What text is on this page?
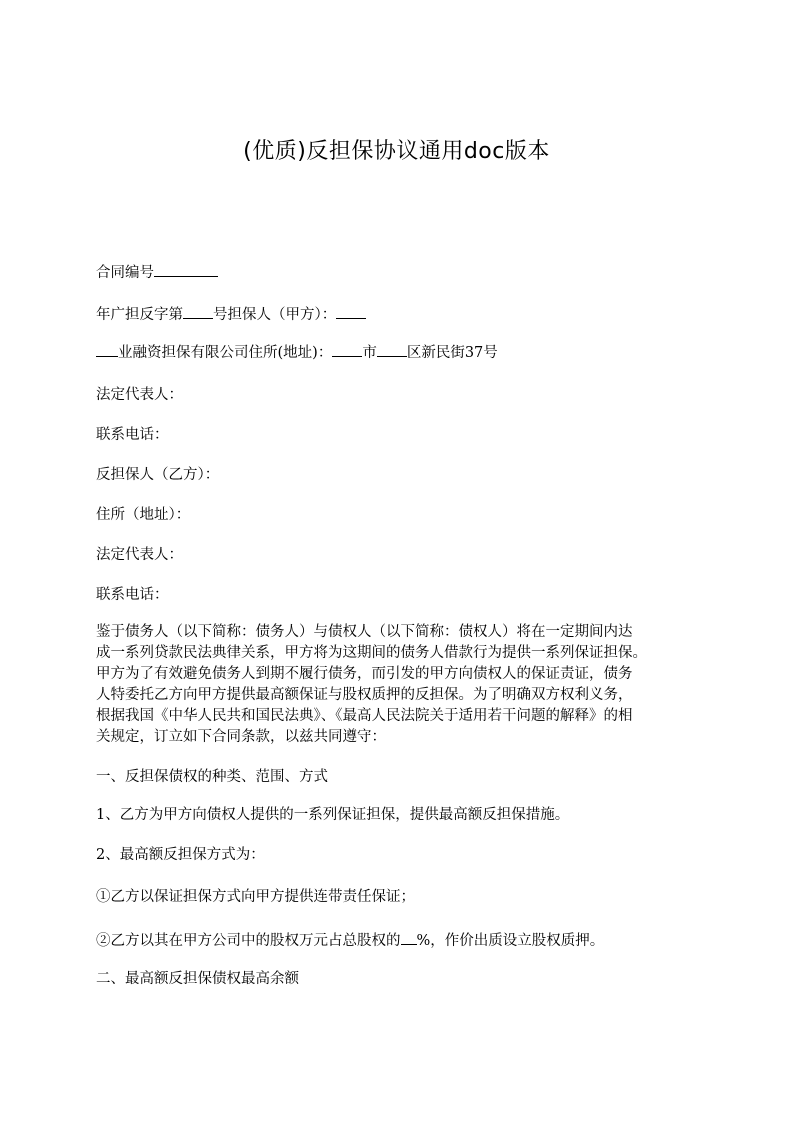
(优质)反担保协议通用doc版本
合同编号
年广担反字第 号担保人（甲方）：
业融资担保有限公司住所(地址)： 市 区新民街37号
法定代表人：
联系电话：
反担保人（乙方）：
住所（地址）：
法定代表人：
联系电话：
鉴于债务人（以下简称：债务人）与债权人（以下简称：债权人）将在一定期间内达
成一系列贷款民法典律关系，甲方将为这期间的债务人借款行为提供一系列保证担保。
甲方为了有效避免债务人到期不履行债务，而引发的甲方向债权人的保证责证，债务
人特委托乙方向甲方提供最高额保证与股权质押的反担保。为了明确双方权利义务，
根据我国《中华人民共和国民法典》、《最高人民法院关于适用若干问题的解释》的相
关规定，订立如下合同条款，以兹共同遵守：
一、反担保债权的种类、范围、方式
1、乙方为甲方向债权人提供的一系列保证担保，提供最高额反担保措施。
2、最高额反担保方式为：
①乙方以保证担保方式向甲方提供连带责任保证；
②乙方以其在甲方公司中的股权万元占总股权的 %，作价出质设立股权质押。
二、最高额反担保债权最高余额
